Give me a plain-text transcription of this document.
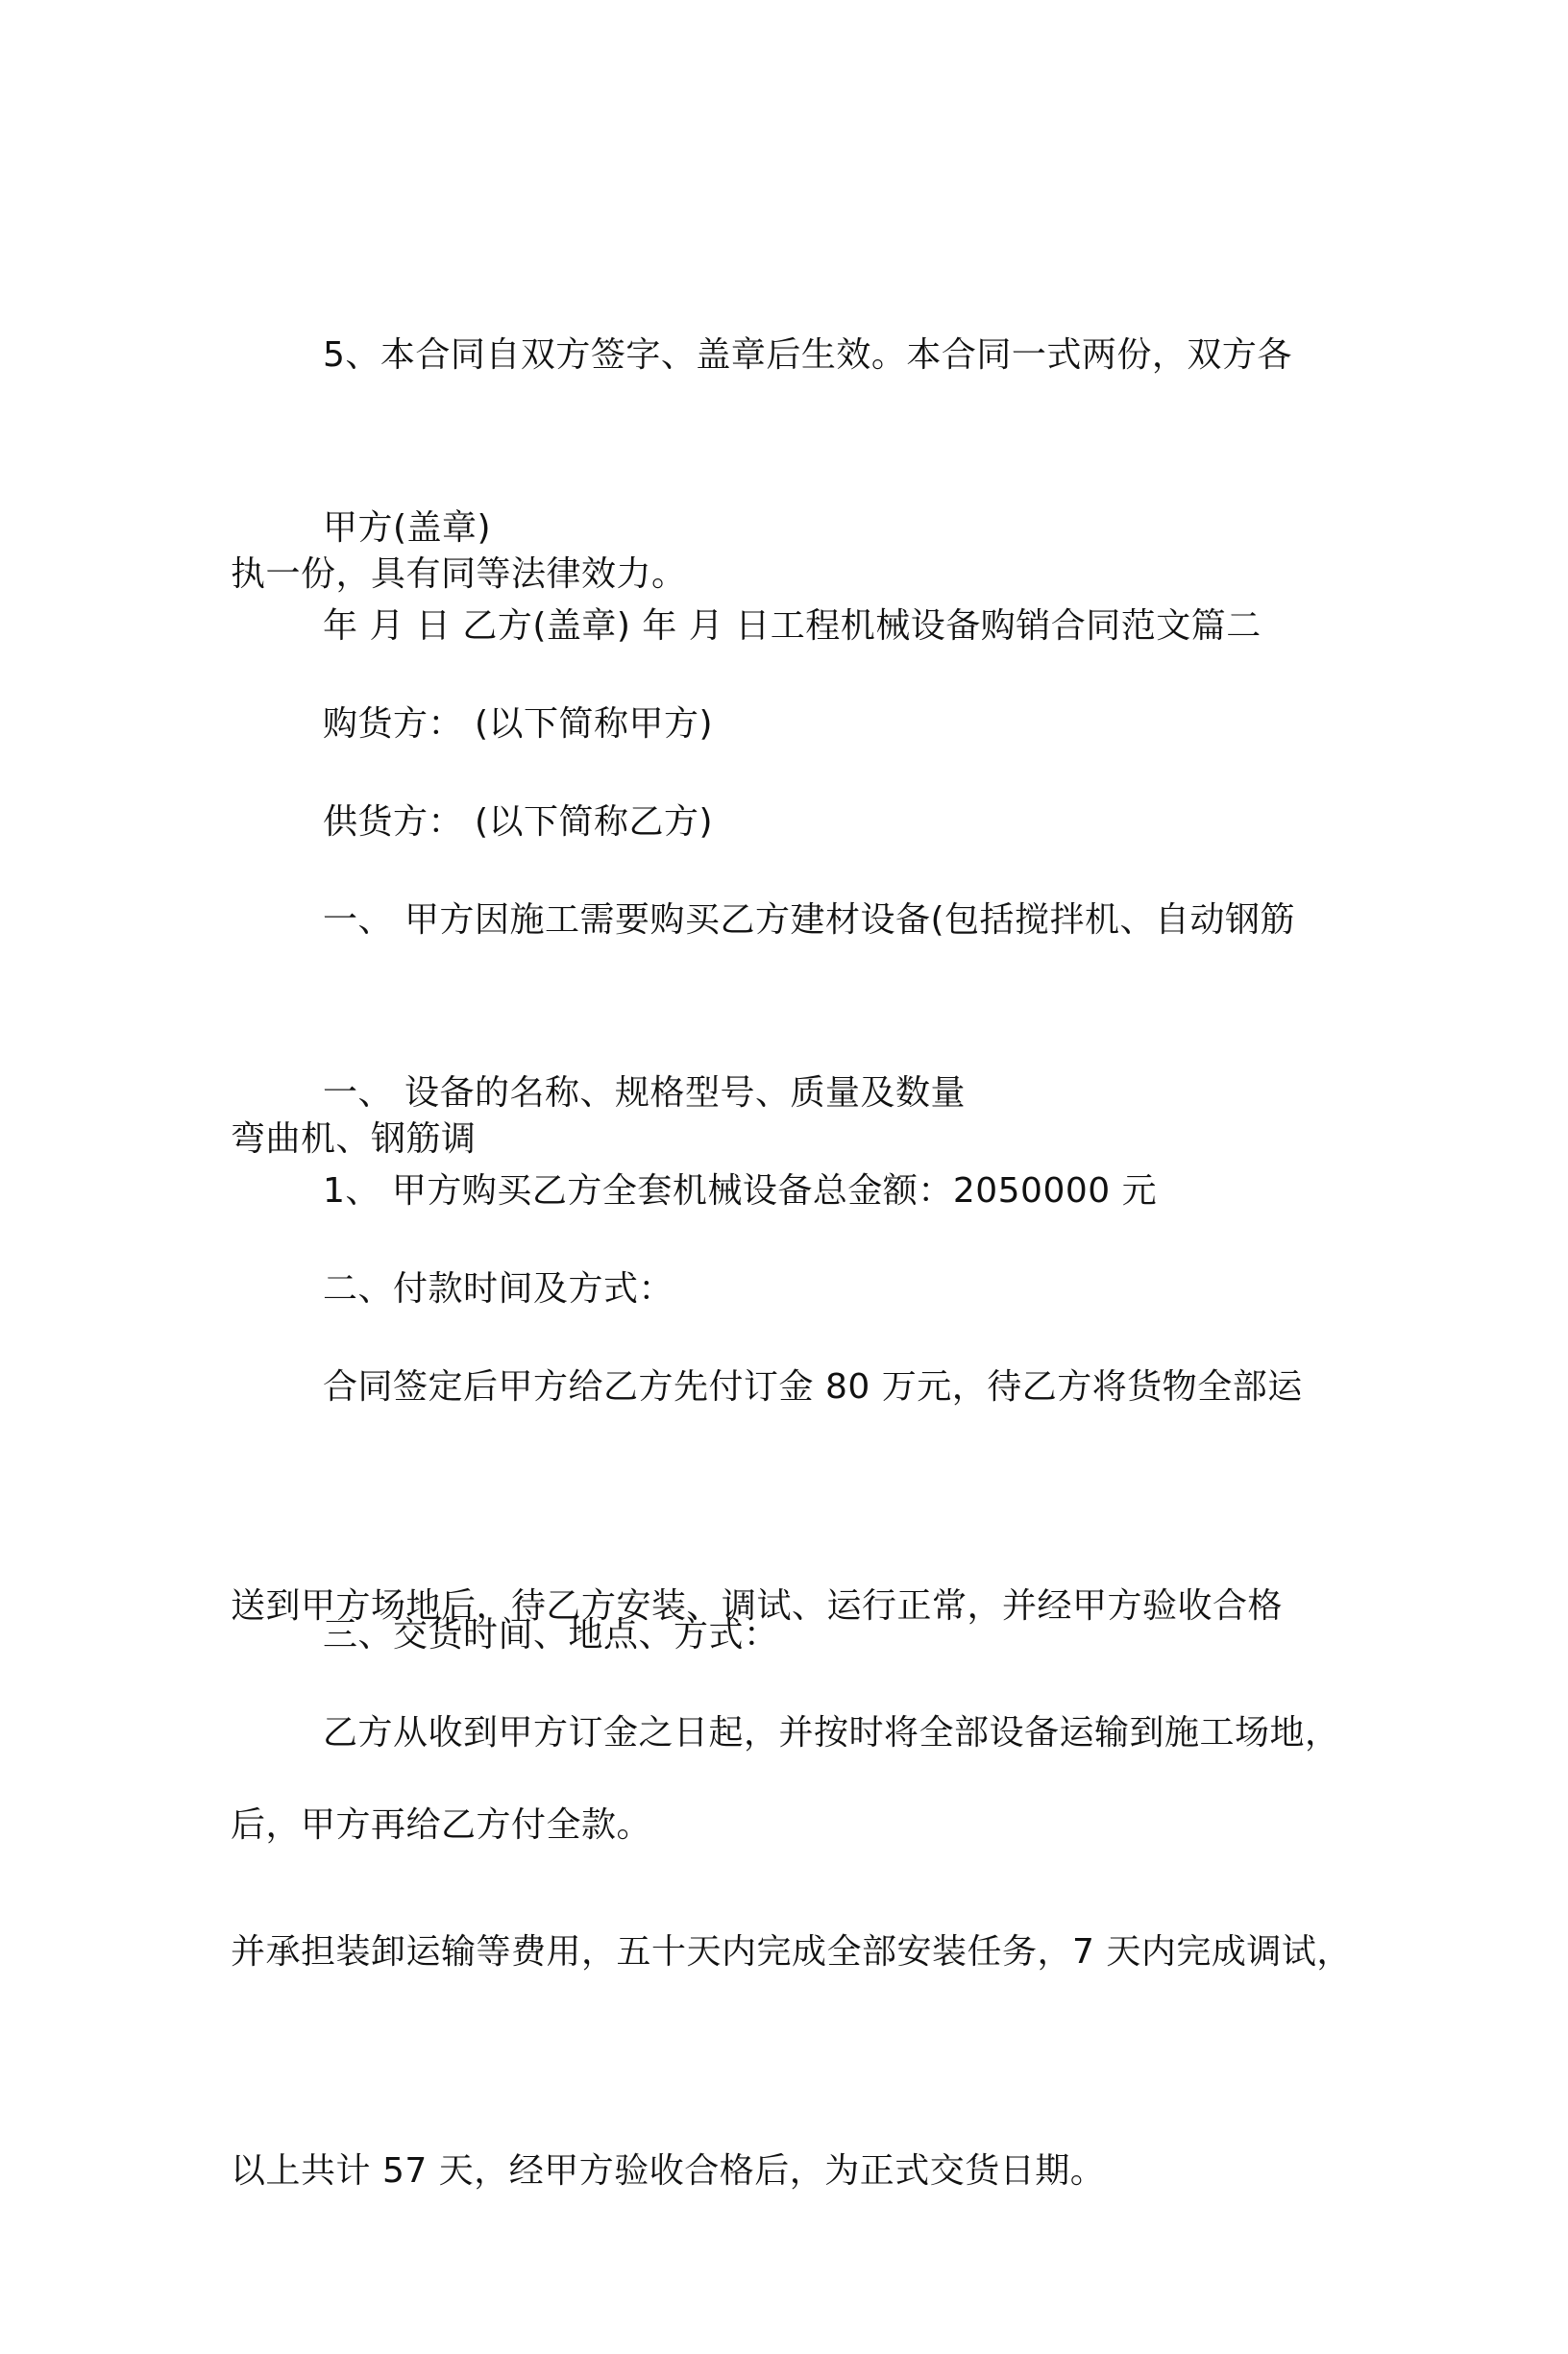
5、本合同自双方签字、盖章后生效。本合同一式两份，双方各

执一份，具有同等法律效力。

甲方(盖章)

年 月 日 乙方(盖章) 年 月 日工程机械设备购销合同范文篇二

购货方： (以下简称甲方)

供货方： (以下简称乙方)

一、 甲方因施工需要购买乙方建材设备(包括搅拌机、自动钢筋

弯曲机、钢筋调

一、 设备的名称、规格型号、质量及数量

1、 甲方购买乙方全套机械设备总金额：2050000 元

二、付款时间及方式：

合同签定后甲方给乙方先付订金 80 万元，待乙方将货物全部运

送到甲方场地后，待乙方安装、调试、运行正常，并经甲方验收合格

后，甲方再给乙方付全款。

三、交货时间、地点、方式：

乙方从收到甲方订金之日起，并按时将全部设备运输到施工场地，

并承担装卸运输等费用，五十天内完成全部安装任务，7 天内完成调试，

以上共计 57 天，经甲方验收合格后，为正式交货日期。
